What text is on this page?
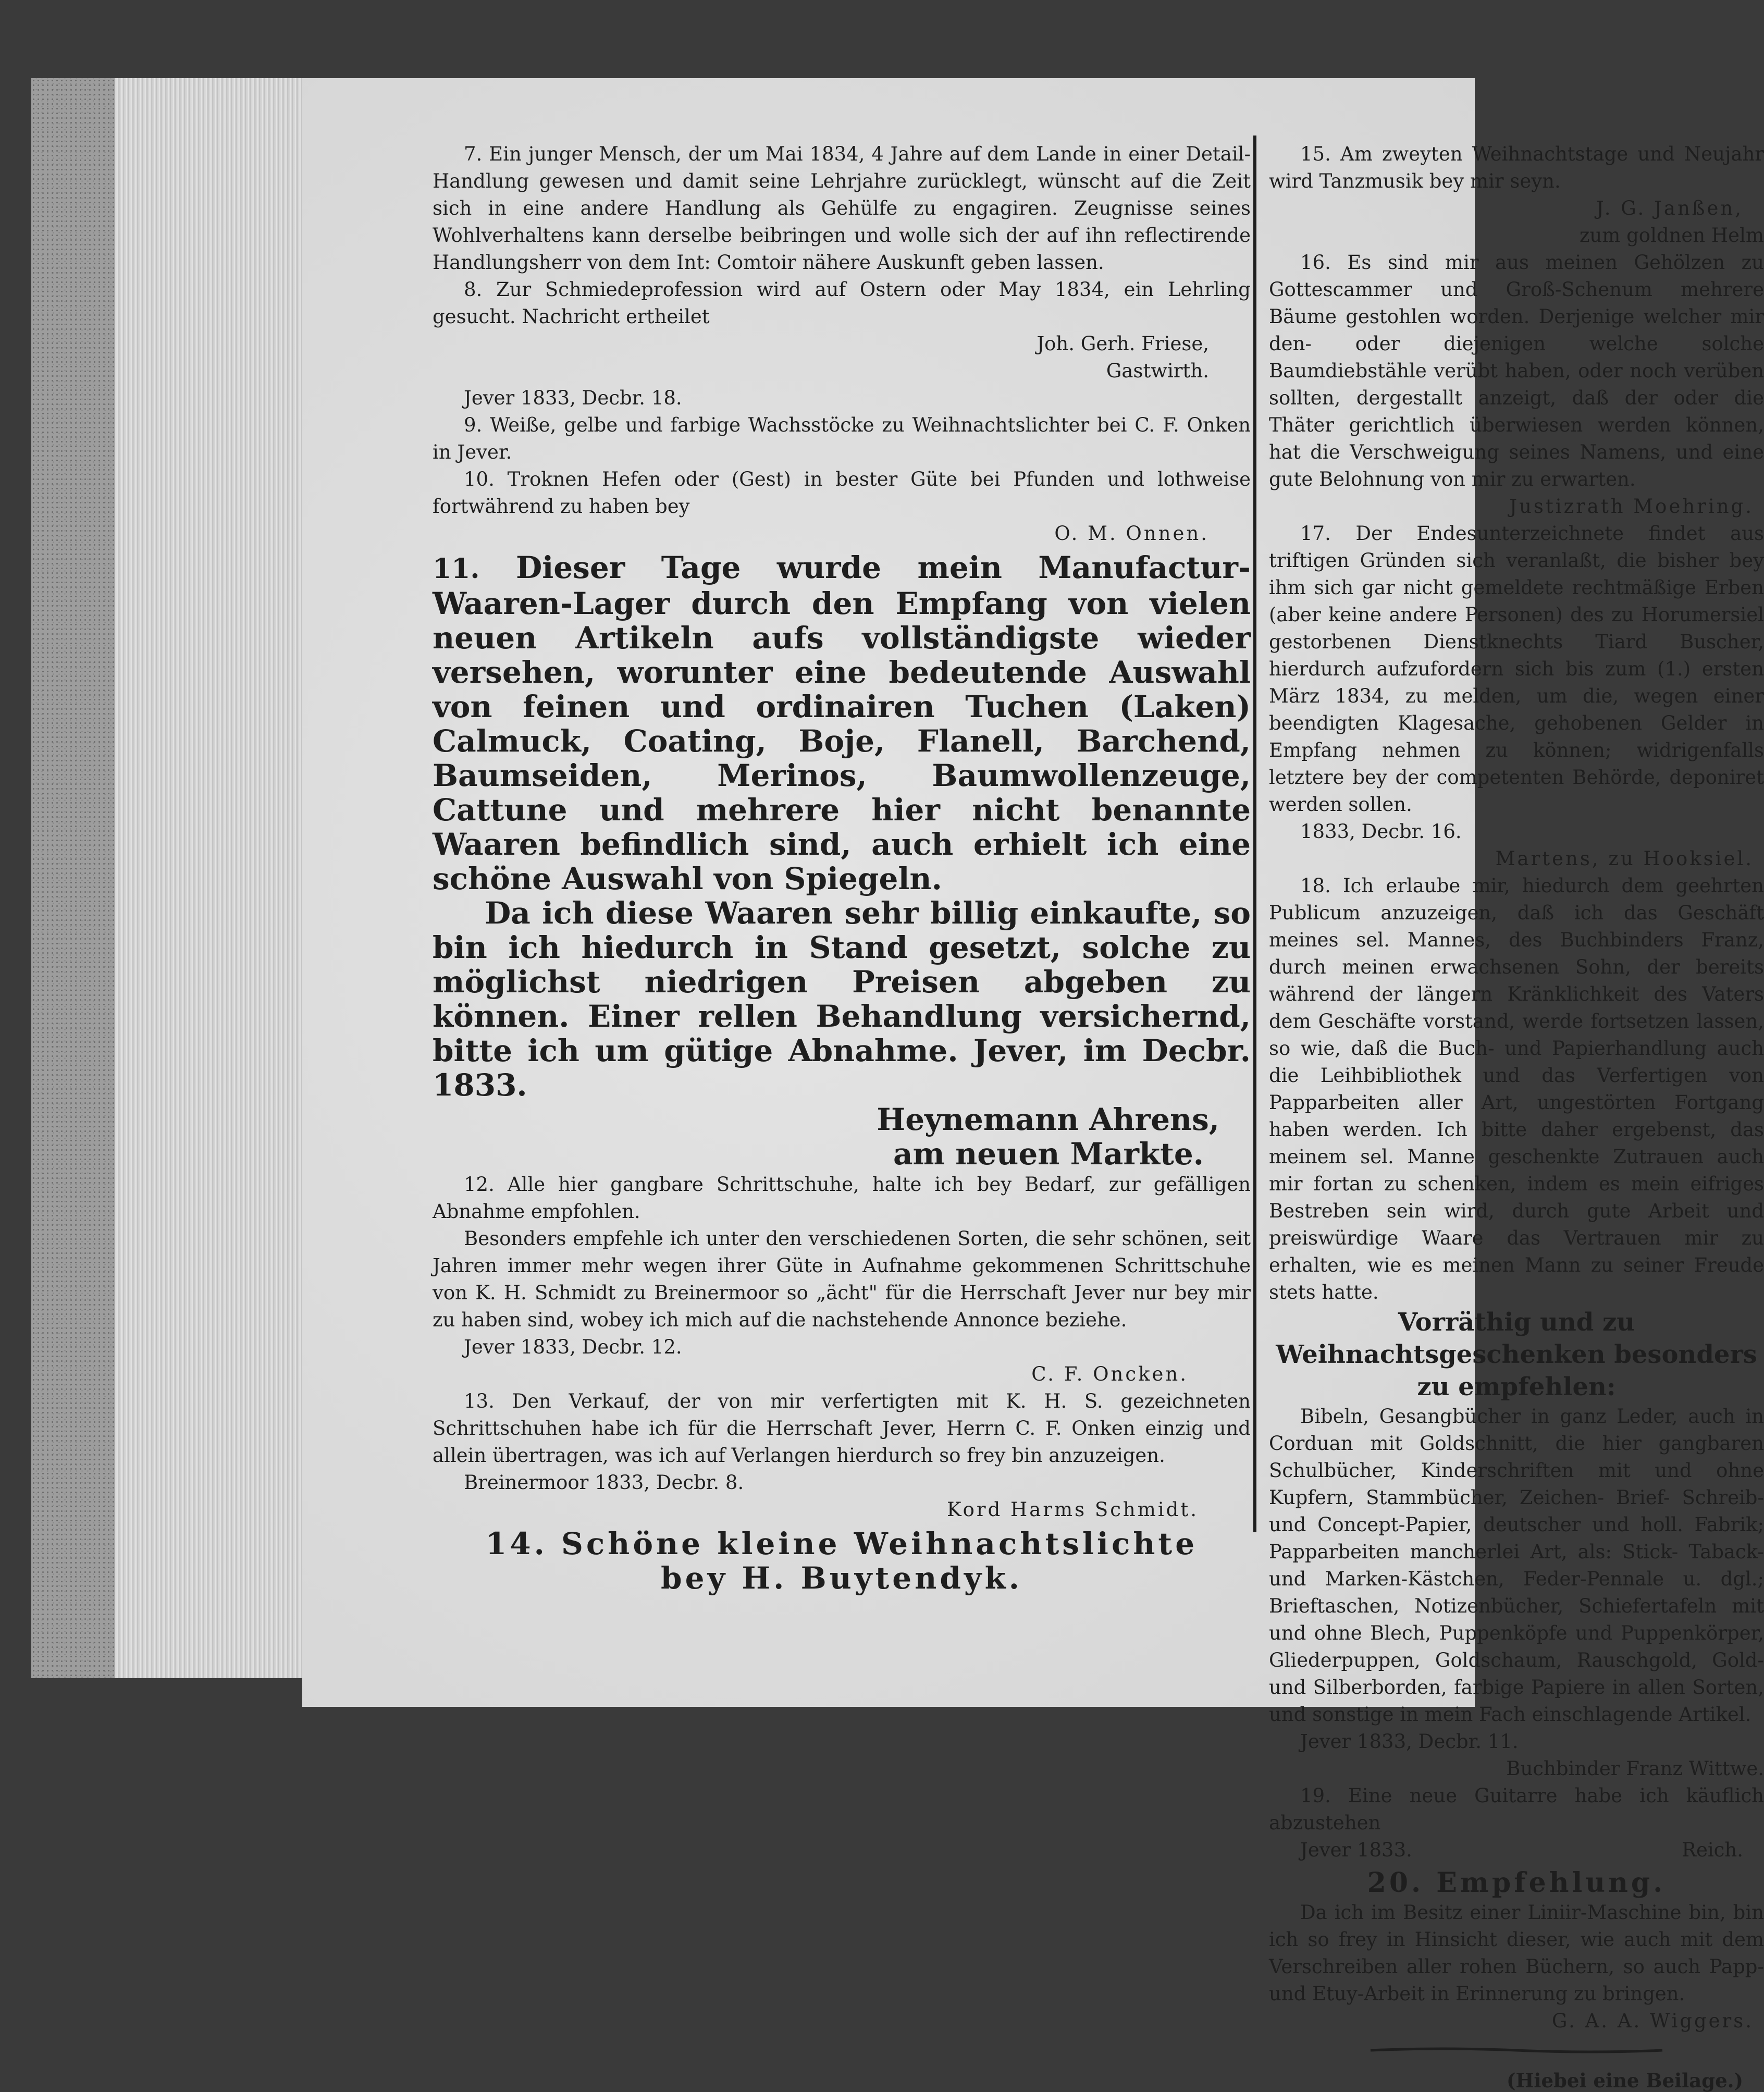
7. Ein junger Mensch, der um Mai 1834, 4 Jahre auf dem Lande in einer Detail-Handlung gewesen und damit seine Lehrjahre zurücklegt, wünscht auf die Zeit sich in eine andere Handlung als Gehülfe zu engagiren. Zeugnisse seines Wohlverhaltens kann derselbe beibringen und wolle sich der auf ihn reflectirende Handlungsherr von dem Int: Comtoir nähere Auskunft geben lassen.

8. Zur Schmiedeprofession wird auf Ostern oder May 1834, ein Lehrling gesucht. Nachricht ertheilet

Joh. Gerh. Friese,
Gastwirth.
Jever 1833, Decbr. 18.

9. Weiße, gelbe und farbige Wachsstöcke zu Weihnachtslichter bei C. F. Onken in Jever.

10. Troknen Hefen oder (Gest) in bester Güte bei Pfunden und lothweise fortwährend zu haben bey

O. M. Onnen.

11. Dieser Tage wurde mein Manufactur-Waaren-Lager durch den Empfang von vielen neuen Artikeln aufs vollständigste wieder versehen, worunter eine bedeutende Auswahl von feinen und ordinairen Tuchen (Laken) Calmuck, Coating, Boje, Flanell, Barchend, Baumseiden, Merinos, Baumwollenzeuge, Cattune und mehrere hier nicht benannte Waaren befindlich sind, auch erhielt ich eine schöne Auswahl von Spiegeln.

Da ich diese Waaren sehr billig einkaufte, so bin ich hiedurch in Stand gesetzt, solche zu möglichst niedrigen Preisen abgeben zu können. Einer rellen Behandlung versichernd, bitte ich um gütige Abnahme. Jever, im Decbr. 1833.

Heynemann Ahrens,
am neuen Markte.

12. Alle hier gangbare Schrittschuhe, halte ich bey Bedarf, zur gefälligen Abnahme empfohlen.

Besonders empfehle ich unter den verschiedenen Sorten, die sehr schönen, seit Jahren immer mehr wegen ihrer Güte in Aufnahme gekommenen Schrittschuhe von K. H. Schmidt zu Breinermoor so „ächt" für die Herrschaft Jever nur bey mir zu haben sind, wobey ich mich auf die nachstehende Annonce beziehe.

Jever 1833, Decbr. 12.
C. F. Oncken.

13. Den Verkauf, der von mir verfertigten mit K. H. S. gezeichneten Schrittschuhen habe ich für die Herrschaft Jever, Herrn C. F. Onken einzig und allein übertragen, was ich auf Verlangen hierdurch so frey bin anzuzeigen.

Breinermoor 1833, Decbr. 8.
Kord Harms Schmidt.
14. Schöne kleine Weihnachtslichte
bey H. Buytendyk.

15. Am zweyten Weihnachtstage und Neujahr wird Tanzmusik bey mir seyn.

J. G. Janßen,
zum goldnen Helm

16. Es sind mir aus meinen Gehölzen zu Gottescammer und Groß-Schenum mehrere Bäume gestohlen worden. Derjenige welcher mir den- oder diejenigen welche solche Baumdiebstähle verübt haben, oder noch verüben sollten, dergestallt anzeigt, daß der oder die Thäter gerichtlich überwiesen werden können, hat die Verschweigung seines Namens, und eine gute Belohnung von mir zu erwarten.

Justizrath Moehring.

17. Der Endesunterzeichnete findet aus triftigen Gründen sich veranlaßt, die bisher bey ihm sich gar nicht gemeldete rechtmäßige Erben (aber keine andere Personen) des zu Horumersiel gestorbenen Dienstknechts Tiard Buscher, hierdurch aufzufordern sich bis zum (1.) ersten März 1834, zu melden, um die, wegen einer beendigten Klagesache, gehobenen Gelder in Empfang nehmen zu können; widrigenfalls letztere bey der competenten Behörde, deponiret werden sollen.

1833, Decbr. 16.
Martens, zu Hooksiel.

18. Ich erlaube mir, hiedurch dem geehrten Publicum anzuzeigen, daß ich das Geschäft meines sel. Mannes, des Buchbinders Franz, durch meinen erwachsenen Sohn, der bereits während der längern Kränklichkeit des Vaters dem Geschäfte vorstand, werde fortsetzen lassen, so wie, daß die Buch- und Papierhandlung auch die Leihbibliothek und das Verfertigen von Papparbeiten aller Art, ungestörten Fortgang haben werden. Ich bitte daher ergebenst, das meinem sel. Manne geschenkte Zutrauen auch mir fortan zu schenken, indem es mein eifriges Bestreben sein wird, durch gute Arbeit und preiswürdige Waare das Vertrauen mir zu erhalten, wie es meinen Mann zu seiner Freude stets hatte.

Vorräthig und zu Weihnachtsgeschenken besonders zu empfehlen:

Bibeln, Gesangbücher in ganz Leder, auch in Corduan mit Goldschnitt, die hier gangbaren Schulbücher, Kinderschriften mit und ohne Kupfern, Stammbücher, Zeichen- Brief- Schreib- und Concept-Papier, deutscher und holl. Fabrik; Papparbeiten mancherlei Art, als: Stick- Taback- und Marken-Kästchen, Feder-Pennale u. dgl.; Brieftaschen, Notizenbücher, Schiefertafeln mit und ohne Blech, Puppenköpfe und Puppenkörper, Gliederpuppen, Goldschaum, Rauschgold, Gold- und Silberborden, farbige Papiere in allen Sorten, und sonstige in mein Fach einschlagende Artikel.

Jever 1833, Decbr. 11.
Buchbinder Franz Wittwe.

19. Eine neue Guitarre habe ich käuflich abzustehen

Jever 1833.	Reich.
20. Empfehlung.

Da ich im Besitz einer Liniir-Maschine bin, bin ich so frey in Hinsicht dieser, wie auch mit dem Verschreiben aller rohen Büchern, so auch Papp- und Etuy-Arbeit in Erinnerung zu bringen.

G. A. A. Wiggers.
(Hiebei eine Beilage.)
